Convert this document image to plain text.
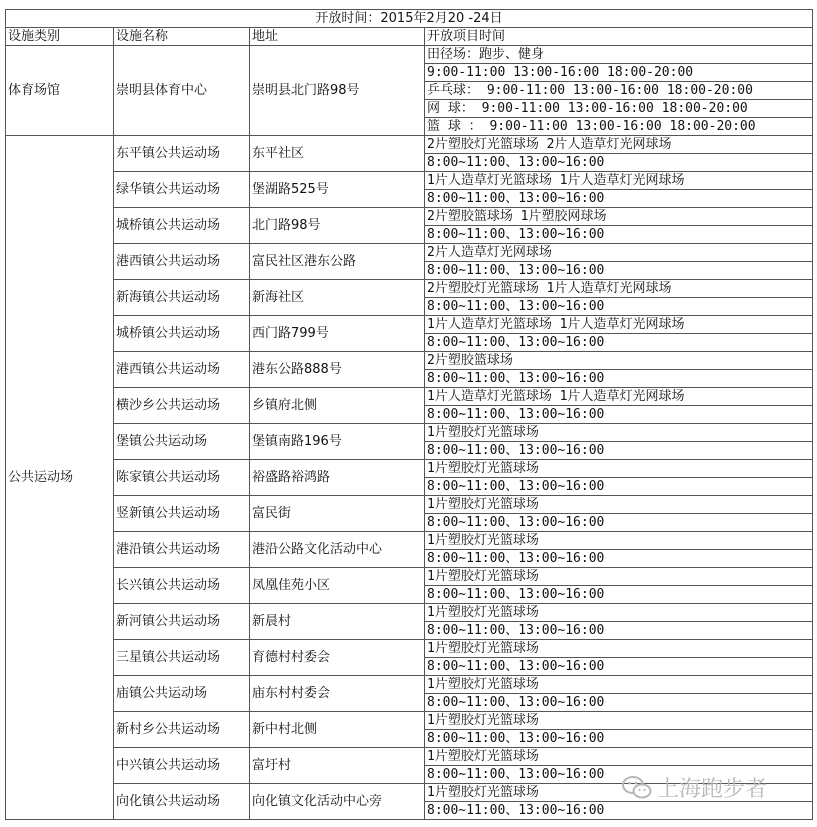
开放时间：2015年2月20 -24日			
设施类别	设施名称	地址	开放项目时间
体育场馆	崇明县体育中心	崇明县北门路98号	田径场：跑步、健身
			9:00-11:00 13:00-16:00 18:00-20:00
			乒乓球： 9:00-11:00 13:00-16:00 18:00-20:00
			网 球： 9:00-11:00 13:00-16:00 18:00-20:00
			篮 球 ： 9:00-11:00 13:00-16:00 18:00-20:00
公共运动场	东平镇公共运动场	东平社区	2片塑胶灯光篮球场 2片人造草灯光网球场
			8:00~11:00、13:00~16:00
	绿华镇公共运动场	堡湖路525号	1片人造草灯光篮球场 1片人造草灯光网球场
			8:00~11:00、13:00~16:00
	城桥镇公共运动场	北门路98号	2片塑胶篮球场 1片塑胶网球场
			8:00~11:00、13:00~16:00
	港西镇公共运动场	富民社区港东公路	2片人造草灯光网球场
			8:00~11:00、13:00~16:00
	新海镇公共运动场	新海社区	2片塑胶灯光篮球场 1片人造草灯光网球场
			8:00~11:00、13:00~16:00
	城桥镇公共运动场	西门路799号	1片人造草灯光篮球场 1片人造草灯光网球场
			8:00~11:00、13:00~16:00
	港西镇公共运动场	港东公路888号	2片塑胶篮球场
			8:00~11:00、13:00~16:00
	横沙乡公共运动场	乡镇府北侧	1片人造草灯光篮球场 1片人造草灯光网球场
			8:00~11:00、13:00~16:00
	堡镇公共运动场	堡镇南路196号	1片塑胶灯光篮球场
			8:00~11:00、13:00~16:00
	陈家镇公共运动场	裕盛路裕鸿路	1片塑胶灯光篮球场
			8:00~11:00、13:00~16:00
	竖新镇公共运动场	富民街	1片塑胶灯光篮球场
			8:00~11:00、13:00~16:00
	港沿镇公共运动场	港沿公路文化活动中心	1片塑胶灯光篮球场
			8:00~11:00、13:00~16:00
	长兴镇公共运动场	凤凰佳苑小区	1片塑胶灯光篮球场
			8:00~11:00、13:00~16:00
	新河镇公共运动场	新晨村	1片塑胶灯光篮球场
			8:00~11:00、13:00~16:00
	三星镇公共运动场	育德村村委会	1片塑胶灯光篮球场
			8:00~11:00、13:00~16:00
	庙镇公共运动场	庙东村村委会	1片塑胶灯光篮球场
			8:00~11:00、13:00~16:00
	新村乡公共运动场	新中村北侧	1片塑胶灯光篮球场
			8:00~11:00、13:00~16:00
	中兴镇公共运动场	富圩村	1片塑胶灯光篮球场
			8:00~11:00、13:00~16:00
	向化镇公共运动场	向化镇文化活动中心旁	1片塑胶灯光篮球场
			8:00~11:00、13:00~16:00
上海跑步者
